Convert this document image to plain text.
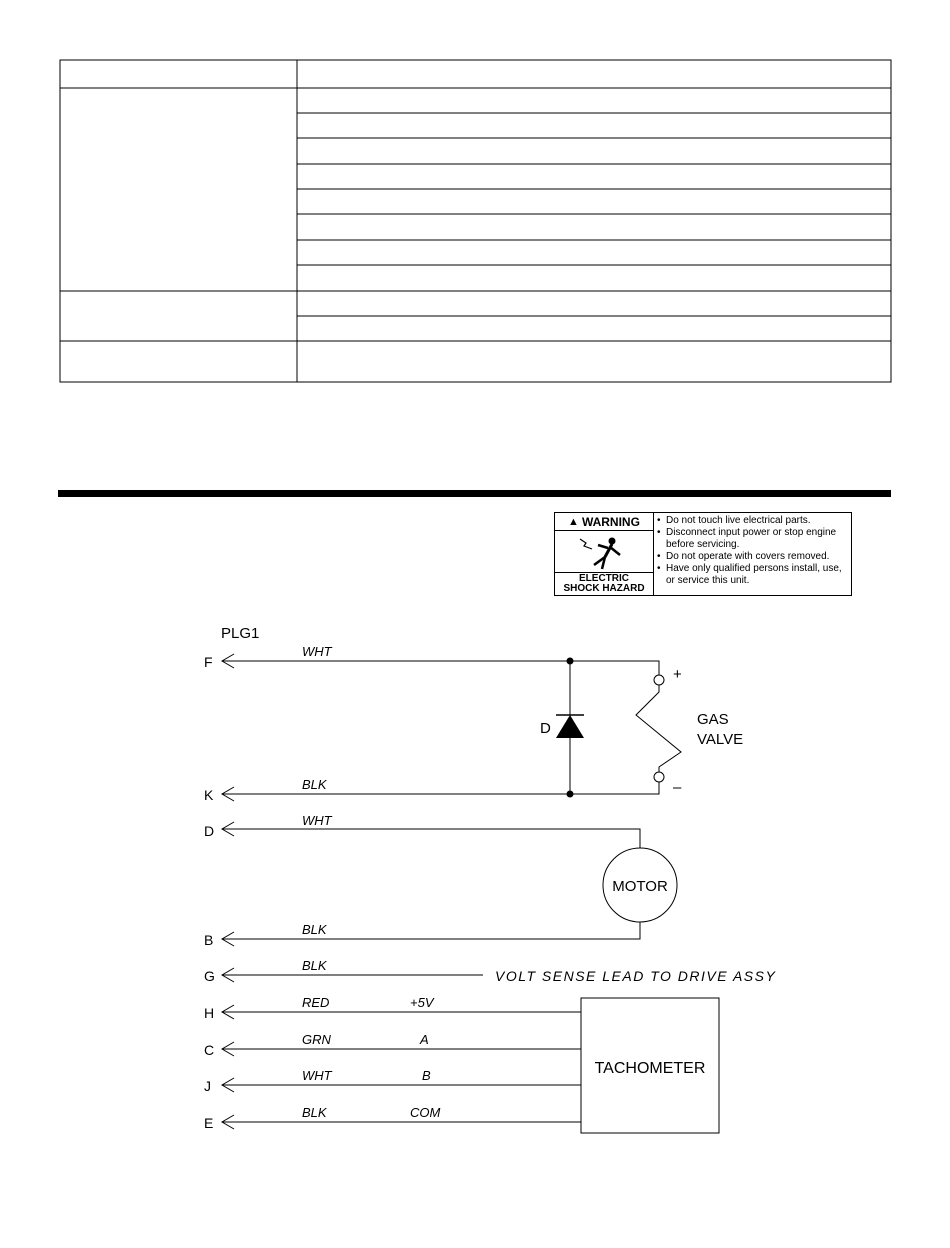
PLG1
F
K
D
B
G
H
C
J
E
WHT
BLK
WHT
BLK
BLK
RED
GRN
WHT
BLK
+5V
A
B
COM
VOLT SENSE LEAD TO DRIVE ASSY
D
+
–
GAS
VALVE
MOTOR
TACHOMETER
▲ WARNING
ELECTRIC
SHOCK HAZARD
• Do not touch live electrical parts.
• Disconnect input power or stop engine before servicing.
• Do not operate with covers removed.
• Have only qualified persons install, use, or service this unit.
